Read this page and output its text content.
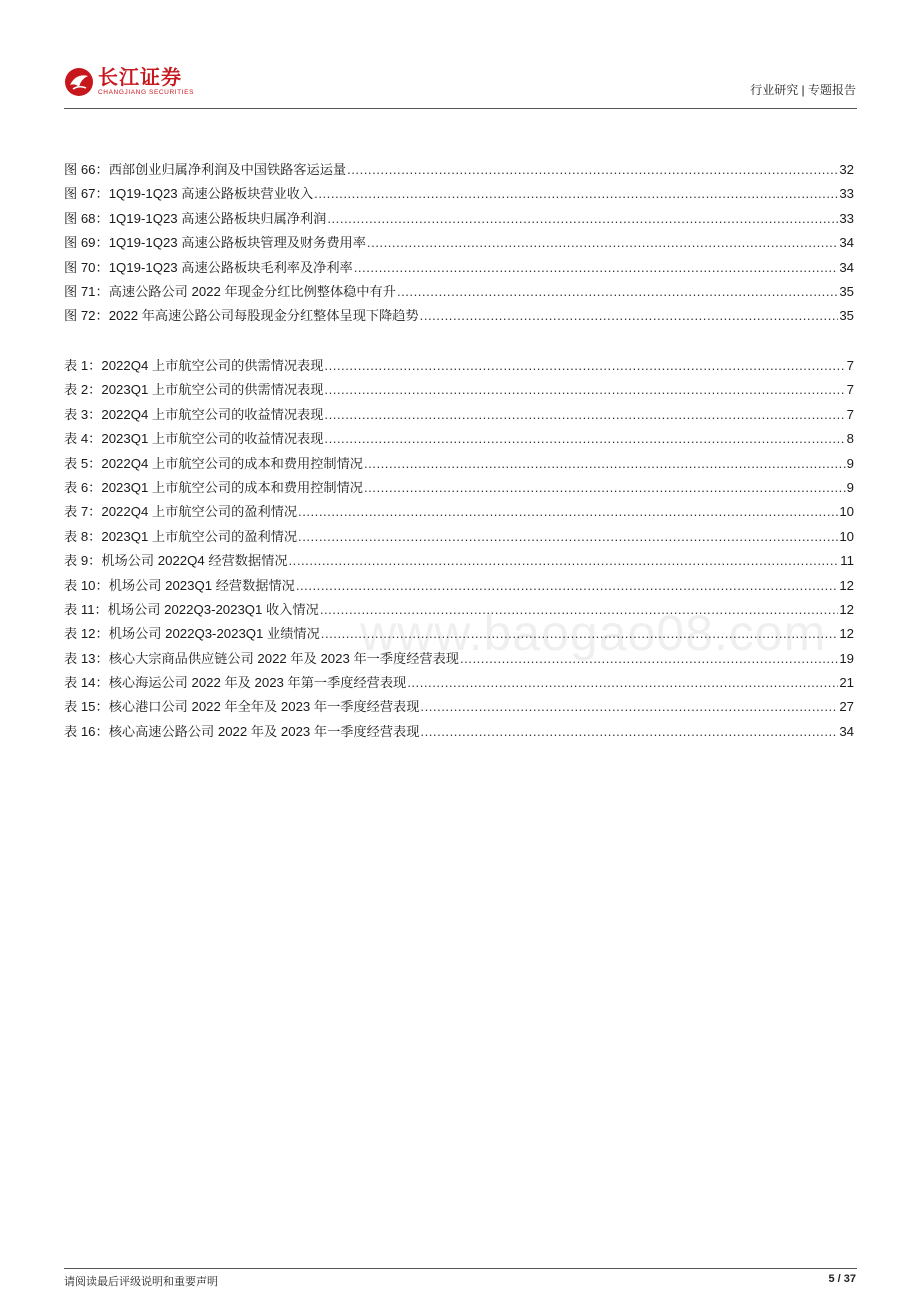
长江证券
CHANGJIANG SECURITIES	行业研究 | 专题报告
图 66：西部创业归属净利润及中国铁路客运运量 .....	32
图 67：1Q19-1Q23 高速公路板块营业收入 .....	33
图 68：1Q19-1Q23 高速公路板块归属净利润 .....	33
图 69：1Q19-1Q23 高速公路板块管理及财务费用率 .....	34
图 70：1Q19-1Q23 高速公路板块毛利率及净利率 .....	34
图 71：高速公路公司 2022 年现金分红比例整体稳中有升 .....	35
图 72：2022 年高速公路公司每股现金分红整体呈现下降趋势 .....	35
表 1：2022Q4 上市航空公司的供需情况表现 .....	7
表 2：2023Q1 上市航空公司的供需情况表现 .....	7
表 3：2022Q4 上市航空公司的收益情况表现 .....	7
表 4：2023Q1 上市航空公司的收益情况表现 .....	8
表 5：2022Q4 上市航空公司的成本和费用控制情况 .....	9
表 6：2023Q1 上市航空公司的成本和费用控制情况 .....	9
表 7：2022Q4 上市航空公司的盈利情况 .....	10
表 8：2023Q1 上市航空公司的盈利情况 .....	10
表 9：机场公司 2022Q4 经营数据情况 .....	11
表 10：机场公司 2023Q1 经营数据情况 .....	12
表 11：机场公司 2022Q3-2023Q1 收入情况 .....	12
表 12：机场公司 2022Q3-2023Q1 业绩情况 .....	12
表 13：核心大宗商品供应链公司 2022 年及 2023 年一季度经营表现 .....	19
表 14：核心海运公司 2022 年及 2023 年第一季度经营表现 .....	21
表 15：核心港口公司 2022 年全年及 2023 年一季度经营表现 .....	27
表 16：核心高速公路公司 2022 年及 2023 年一季度经营表现 .....	34
www.baogao08.com
请阅读最后评级说明和重要声明	5 / 37
